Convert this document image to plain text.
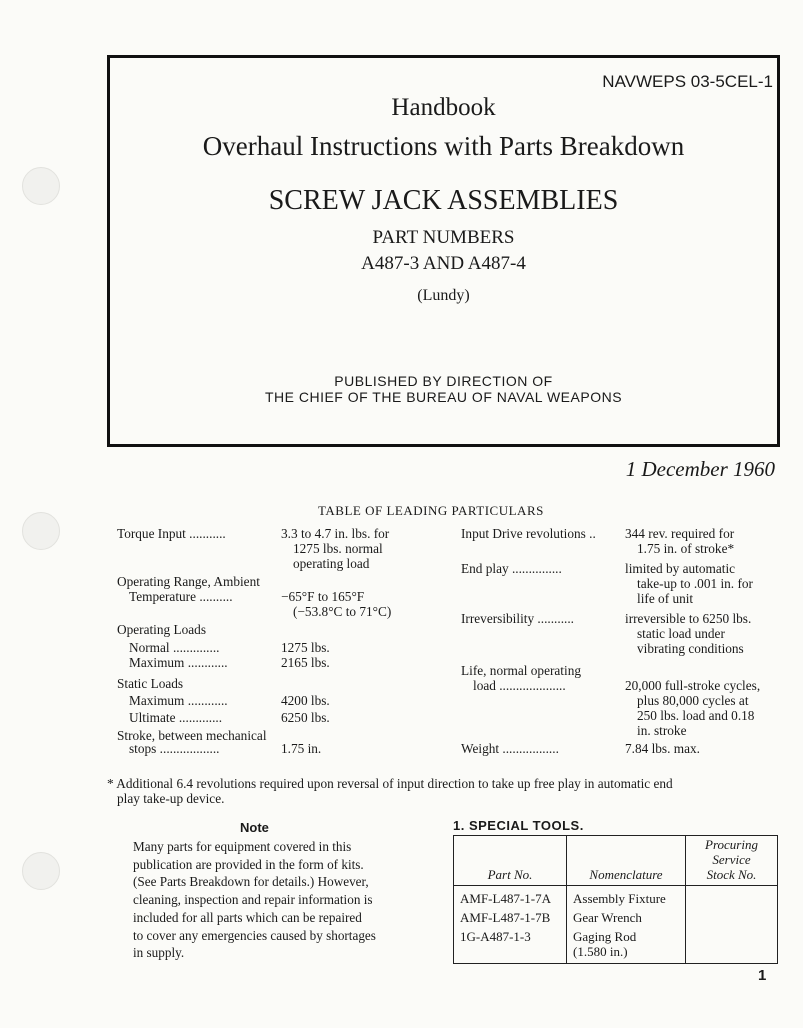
NAVWEPS 03-5CEL-1
Handbook
Overhaul Instructions with Parts Breakdown
SCREW JACK ASSEMBLIES
PART NUMBERS
A487-3 AND A487-4
(Lundy)
PUBLISHED BY DIRECTION OF
THE CHIEF OF THE BUREAU OF NAVAL WEAPONS
1 December 1960
TABLE OF LEADING PARTICULARS
Torque Input ...........	3.3 to 4.7 in. lbs. for
1275 lbs. normal
operating load
Operating Range, Ambient
Temperature ..........	−65°F to 165°F
(−53.8°C to 71°C)
Operating Loads
Normal ..............	1275 lbs.
Maximum ............	2165 lbs.
Static Loads
Maximum ............	4200 lbs.
Ultimate .............	6250 lbs.
Stroke, between mechanical
stops ..................	1.75 in.
Input Drive revolutions .. 344 rev. required for
1.75 in. of stroke*
End play ...............	limited by automatic
take-up to .001 in. for
life of unit
Irreversibility ...........	irreversible to 6250 lbs.
static load under
vibrating conditions
Life, normal operating
load ....................	20,000 full-stroke cycles,
plus 80,000 cycles at
250 lbs. load and 0.18
in. stroke
Weight .................	7.84 lbs. max.
* Additional 6.4 revolutions required upon reversal of input direction to take up free play in automatic end
play take-up device.
Note
Many parts for equipment covered in this
publication are provided in the form of kits.
(See Parts Breakdown for details.) However,
cleaning, inspection and repair information is
included for all parts which can be repaired
to cover any emergencies caused by shortages
in supply.
1. SPECIAL TOOLS.
Part No.	Nomenclature	Procuring
Service
Stock No.

AMF-L487-1-7A	Assembly Fixture	
AMF-L487-1-7B	Gear Wrench	
1G-A487-1-3	Gaging Rod
(1.580 in.)	

1
